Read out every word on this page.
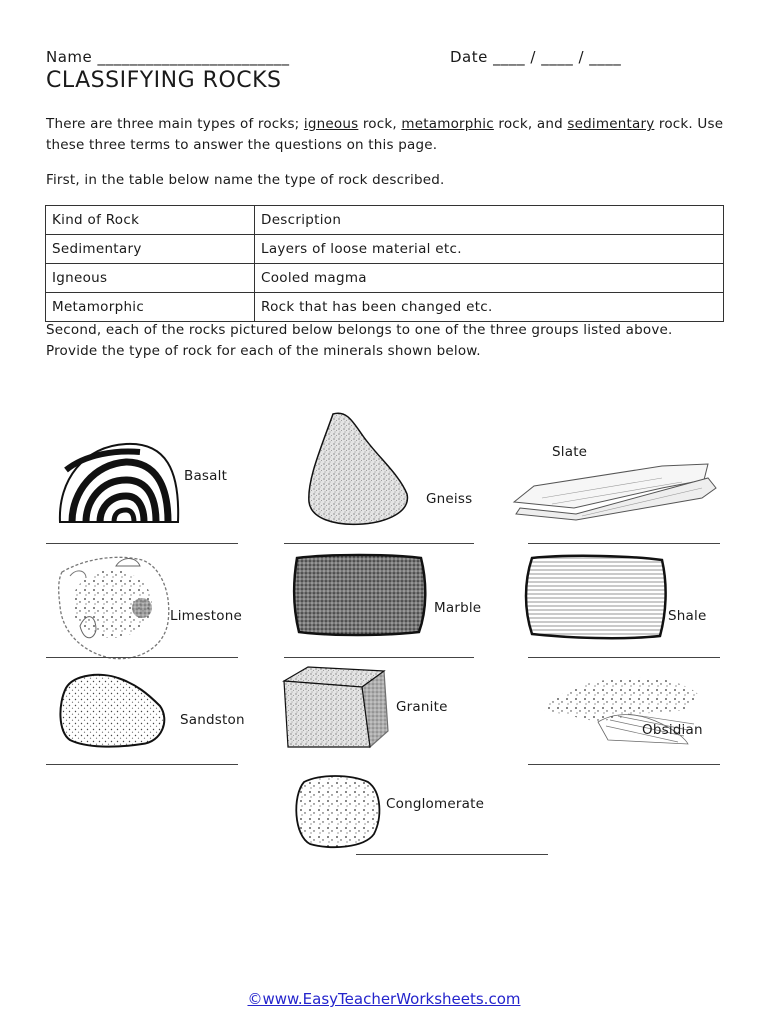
Name ________________________	Date ____ / ____ / ____
CLASSIFYING ROCKS
There are three main types of rocks; igneous rock, metamorphic rock, and sedimentary rock. Use these three terms to answer the questions on this page.
First, in the table below name the type of rock described.
Kind of Rock	Description
Sedimentary	Layers of loose material etc.
Igneous	Cooled magma
Metamorphic	Rock that has been changed etc.
Second, each of the rocks pictured below belongs to one of the three groups listed above. Provide the type of rock for each of the minerals shown below.
Basalt
Gneiss
Slate
Limestone	Marble	Shale
Sandston
Granite
Obsidian
Conglomerate
©www.EasyTeacherWorksheets.com
